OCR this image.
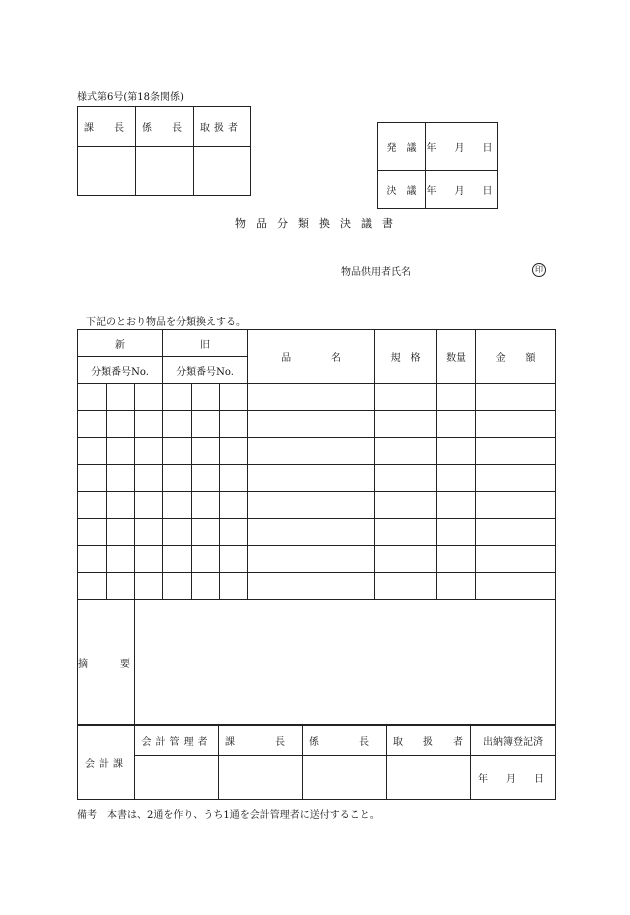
様式第6号(第18条関係)
課　　長	係　　長	取扱者

発　議	年　月　日
決　議	年　月　日
物品分類換決議書
物品供用者氏名	印
下記のとおり物品を分類換えする。
新			旧			品　　　　名	規　格	数量	金　　額
分類番号No.			分類番号No.						

摘　　要									
会計課	会計管理者	課　　　　長	係　　　　長	取　　扱　　者	出納簿登記済
					年　月　日
備考　本書は、2通を作り、うち1通を会計管理者に送付すること。
